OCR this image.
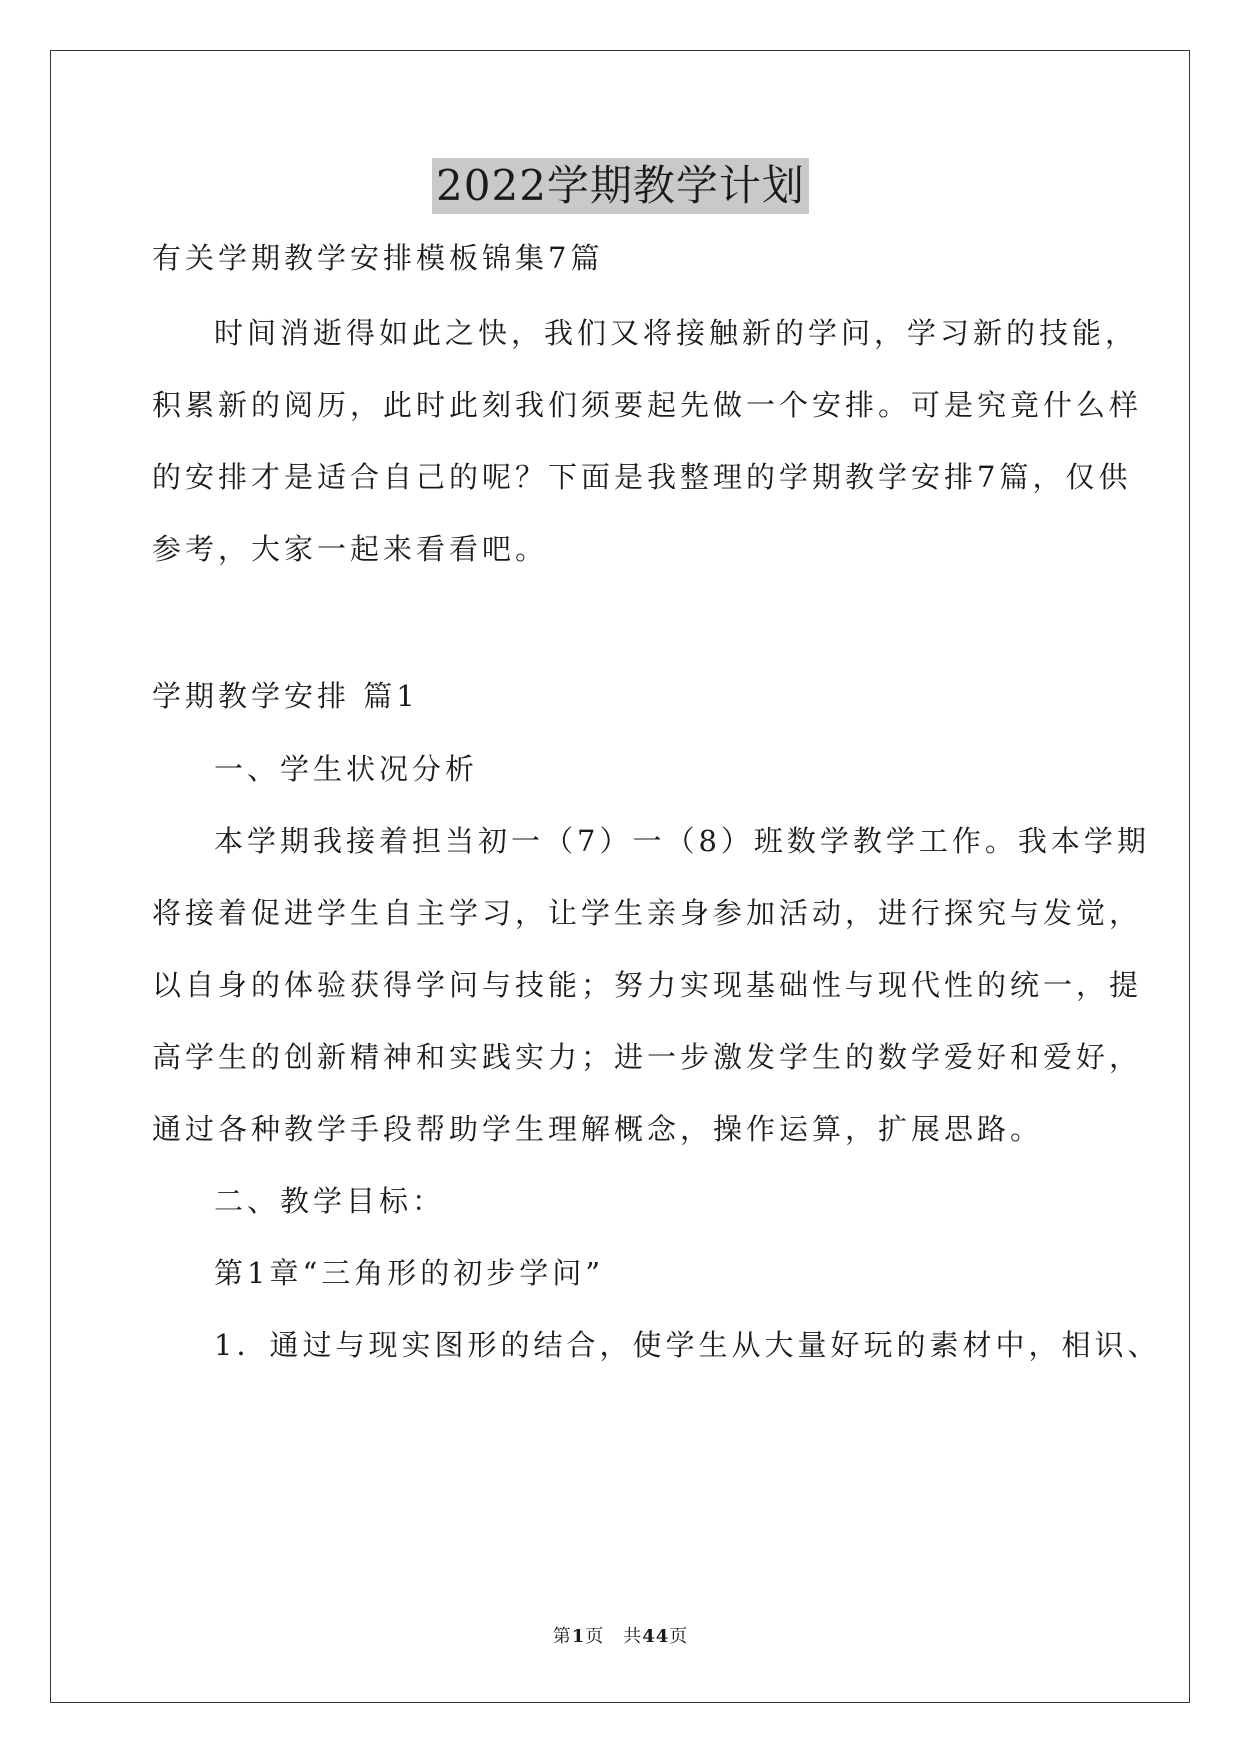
2022学期教学计划
有关学期教学安排模板锦集7篇
时间消逝得如此之快，我们又将接触新的学问，学习新的技能，
积累新的阅历，此时此刻我们须要起先做一个安排。可是究竟什么样
的安排才是适合自己的呢？下面是我整理的学期教学安排7篇，仅供
参考，大家一起来看看吧。
学期教学安排 篇1
一、学生状况分析
本学期我接着担当初一（7）一（8）班数学教学工作。我本学期
将接着促进学生自主学习，让学生亲身参加活动，进行探究与发觉，
以自身的体验获得学问与技能；努力实现基础性与现代性的统一，提
高学生的创新精神和实践实力；进一步激发学生的数学爱好和爱好，
通过各种教学手段帮助学生理解概念，操作运算，扩展思路。
二、教学目标：
第1章“三角形的初步学问”
1．通过与现实图形的结合，使学生从大量好玩的素材中，相识、
第1页　共44页
